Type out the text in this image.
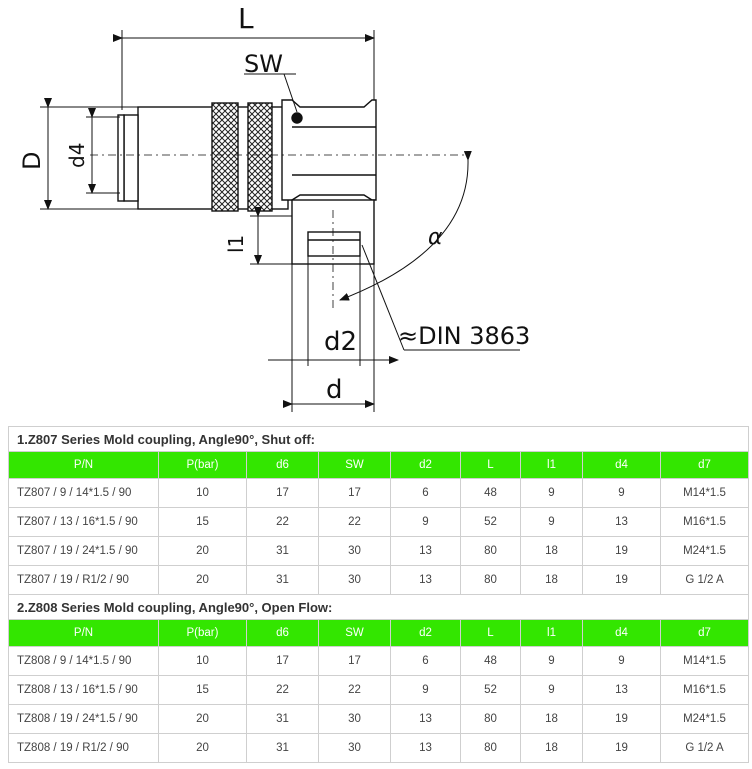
L
SW
D d4
l1
d2
d
α
≈DIN 3863
1.Z807 Series Mold coupling, Angle90°, Shut off:								
P/N	P(bar)	d6	SW	d2	L	l1	d4	d7
TZ807 / 9 / 14*1.5 / 90	10	17	17	6	48	9	9	M14*1.5
TZ807 / 13 / 16*1.5 / 90	15	22	22	9	52	9	13	M16*1.5
TZ807 / 19 / 24*1.5 / 90	20	31	30	13	80	18	19	M24*1.5
TZ807 / 19 / R1/2 / 90	20	31	30	13	80	18	19	G 1/2 A
2.Z808 Series Mold coupling, Angle90°, Open Flow:								
P/N	P(bar)	d6	SW	d2	L	l1	d4	d7
TZ808 / 9 / 14*1.5 / 90	10	17	17	6	48	9	9	M14*1.5
TZ808 / 13 / 16*1.5 / 90	15	22	22	9	52	9	13	M16*1.5
TZ808 / 19 / 24*1.5 / 90	20	31	30	13	80	18	19	M24*1.5
TZ808 / 19 / R1/2 / 90	20	31	30	13	80	18	19	G 1/2 A
